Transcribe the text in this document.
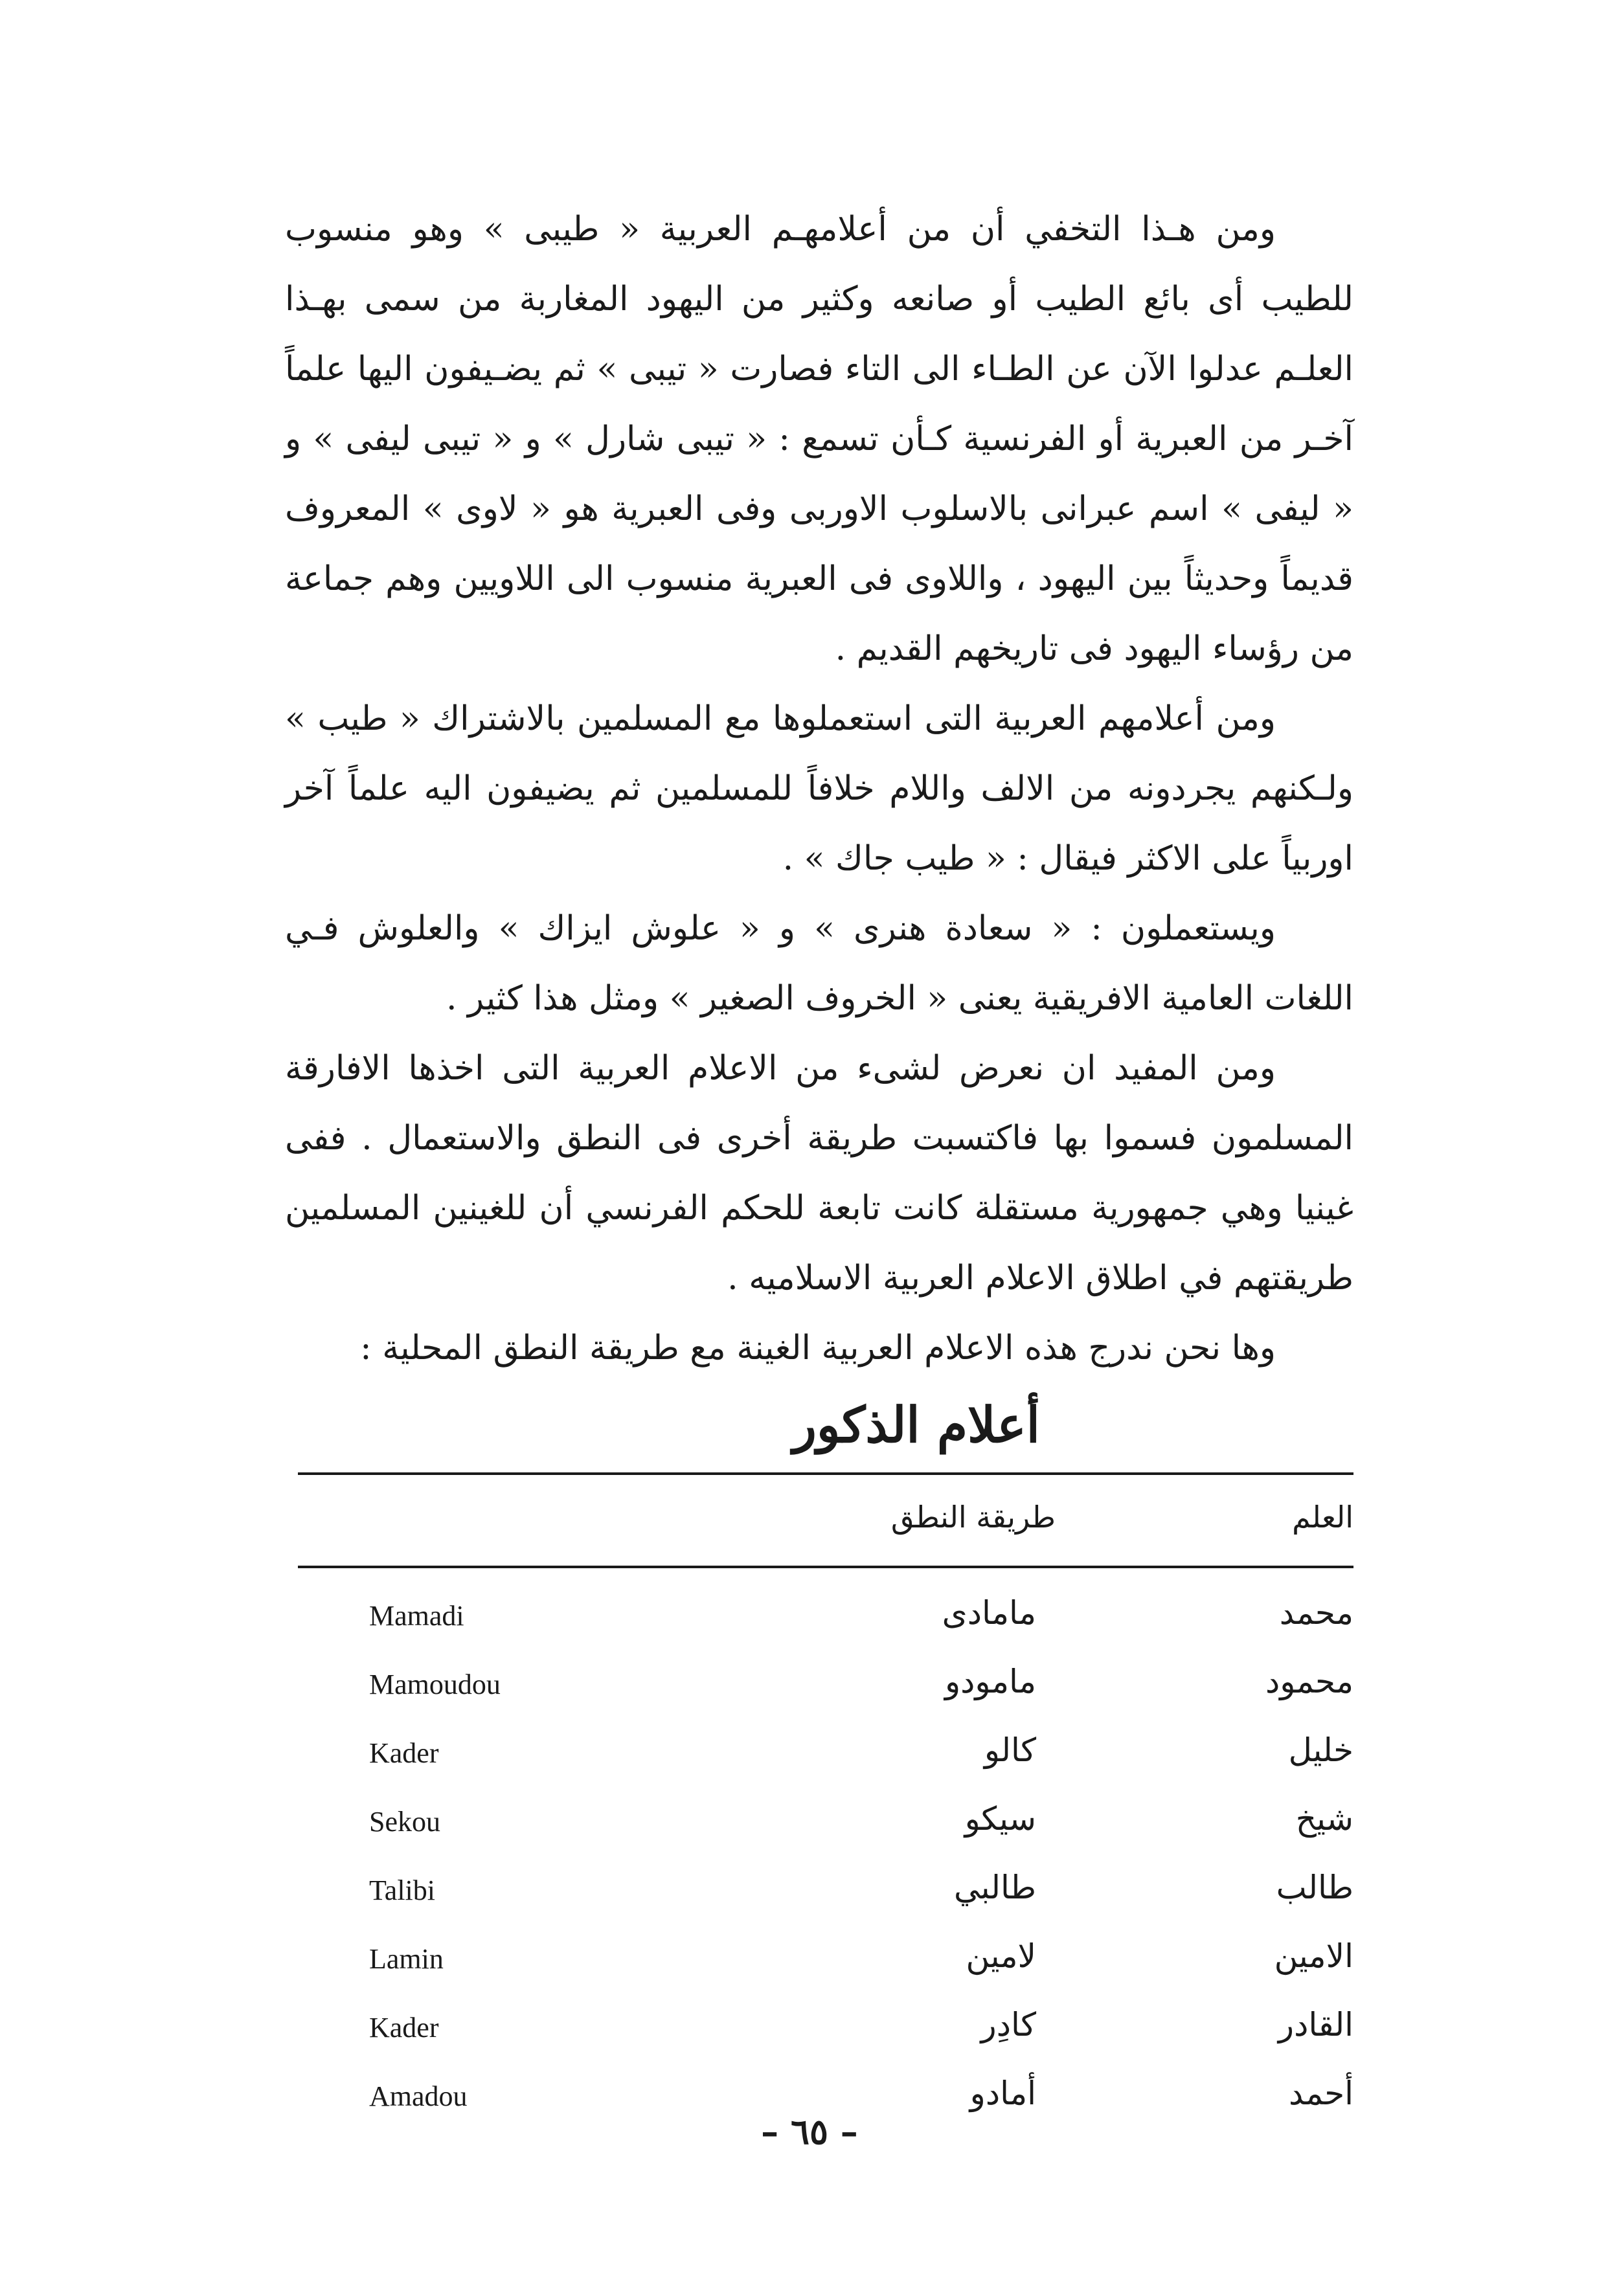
ومن هـذا التخفي أن من أعلامهـم العربية « طيبى » وهو منسوب للطيب أى بائع الطيب أو صانعه وكثير من اليهود المغاربة من سمى بهـذا العلـم عدلوا الآن عن الطـاء الى التاء فصارت « تيبى » ثم يضـيفون اليها علماً آخـر من العبرية أو الفرنسية كـأن تسمع : « تيبى شارل » و « تيبى ليفى » و « ليفى » اسم عبرانى بالاسلوب الاوربى وفى العبرية هو « لاوى » المعروف قديماً وحديثاً بين اليهود ، واللاوى فى العبرية منسوب الى اللاويين وهم جماعة من رؤساء اليهود فى تاريخهم القديم .

ومن أعلامهم العربية التى استعملوها مع المسلمين بالاشتراك « طيب » ولـكنهم يجردونه من الالف واللام خلافاً للمسلمين ثم يضيفون اليه علماً آخر اوربياً على الاكثر فيقال : « طيب جاك » .

ويستعملون : « سعادة هنرى » و « علوش ايزاك » والعلوش فـي اللغات العامية الافريقية يعنى « الخروف الصغير » ومثل هذا كثير .

ومن المفيد ان نعرض لشىء من الاعلام العربية التى اخذها الافارقة المسلمون فسموا بها فاكتسبت طريقة أخرى فى النطق والاستعمال . ففى غينيا وهي جمهورية مستقلة كانت تابعة للحكم الفرنسي أن للغينين المسلمين طريقتهم في اطلاق الاعلام العربية الاسلاميه .

وها نحن ندرج هذه الاعلام العربية الغينة مع طريقة النطق المحلية :

أعلام الذكور
العلم
طريقة النطق
محمد
مامادى
Mamadi
محمود
مامودو
Mamoudou
خليل
كالو
Kader
شيخ
سيكو
Sekou
طالب
طالبي
Talibi
الامين
لامين
Lamin
القادر
كادِر
Kader
أحمد
أمادو
Amadou
– ٦٥ –
